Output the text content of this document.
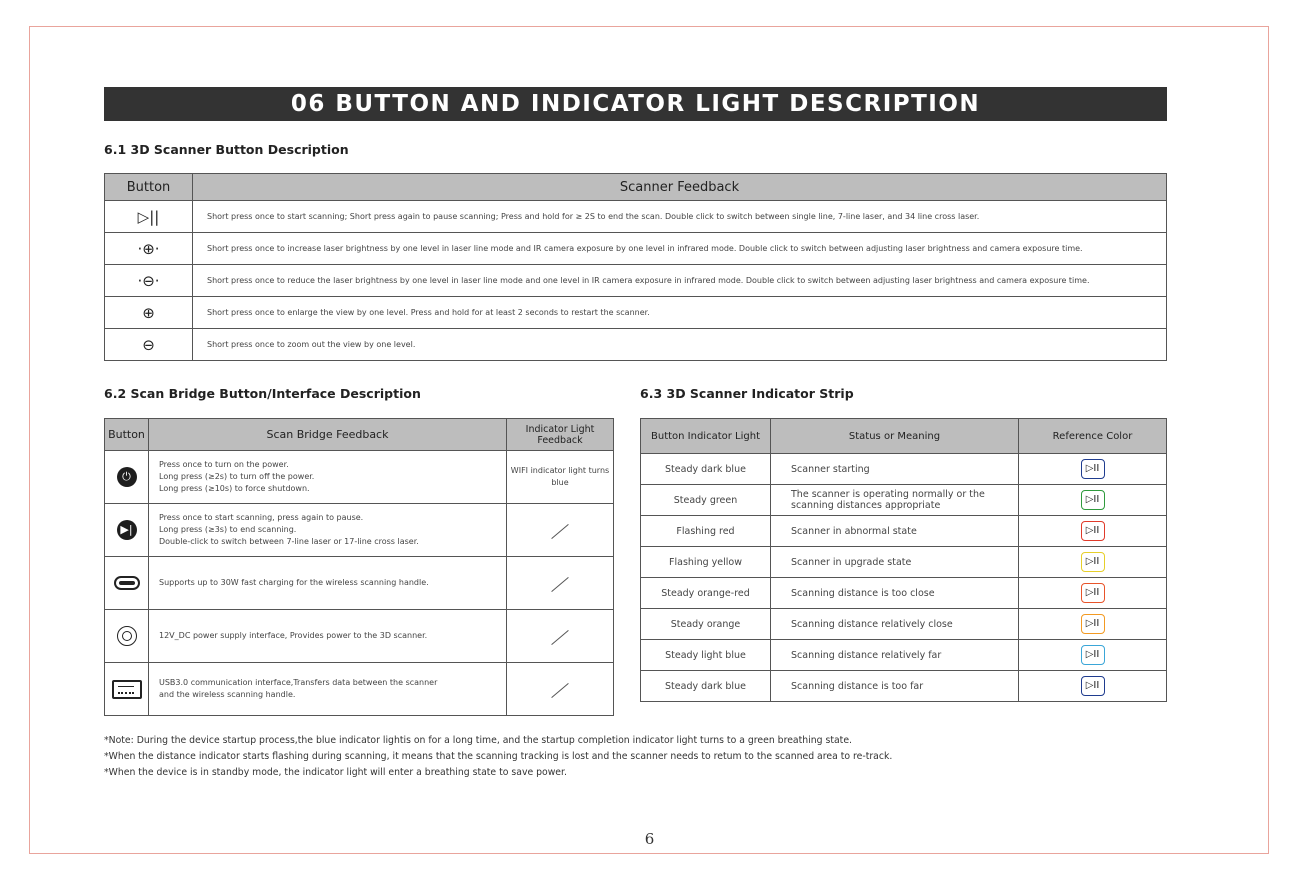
06 BUTTON AND INDICATOR LIGHT DESCRIPTION
6.1 3D Scanner Button Description
Button	Scanner Feedback
▷||	Short press once to start scanning; Short press again to pause scanning; Press and hold for ≥ 2S to end the scan. Double click to switch between single line, 7-line laser, and 34 line cross laser.
·⊕·	Short press once to increase laser brightness by one level in laser line mode and IR camera exposure by one level in infrared mode. Double click to switch between adjusting laser brightness and camera exposure time.
·⊖·	Short press once to reduce the laser brightness by one level in laser line mode and one level in IR camera exposure in infrared mode. Double click to switch between adjusting laser brightness and camera exposure time.
⊕	Short press once to enlarge the view by one level. Press and hold for at least 2 seconds to restart the scanner.
⊖	Short press once to zoom out the view by one level.
6.2 Scan Bridge Button/Interface Description
Button	Scan Bridge Feedback	Indicator Light Feedback
⏻	Press once to turn on the power.
Long press (≥2s) to turn off the power.
Long press (≥10s) to force shutdown.	WIFI indicator light turns blue
▶|	Press once to start scanning, press again to pause.
Long press (≥3s) to end scanning.
Double-click to switch between 7-line laser or 17-line cross laser.	

	Supports up to 30W fast charging for the wireless scanning handle.	
	12V_DC power supply interface, Provides power to the 3D scanner.	

	USB3.0 communication interface,Transfers data between the scanner
and the wireless scanning handle.	

6.3 3D Scanner Indicator Strip
Button Indicator Light	Status or Meaning	Reference Color
Steady dark blue	Scanner starting	▷II
Steady green	The scanner is operating normally or the scanning distances appropriate	▷II
Flashing red	Scanner in abnormal state	▷II
Flashing yellow	Scanner in upgrade state	▷II
Steady orange-red	Scanning distance is too close	▷II
Steady orange	Scanning distance relatively close	▷II
Steady light blue	Scanning distance relatively far	▷II
Steady dark blue	Scanning distance is too far	▷II
*Note: During the device startup process,the blue indicator lightis on for a long time, and the startup completion indicator light turns to a green breathing state.
*When the distance indicator starts flashing during scanning, it means that the scanning tracking is lost and the scanner needs to retum to the scanned area to re-track.
*When the device is in standby mode, the indicator light will enter a breathing state to save power.
6
